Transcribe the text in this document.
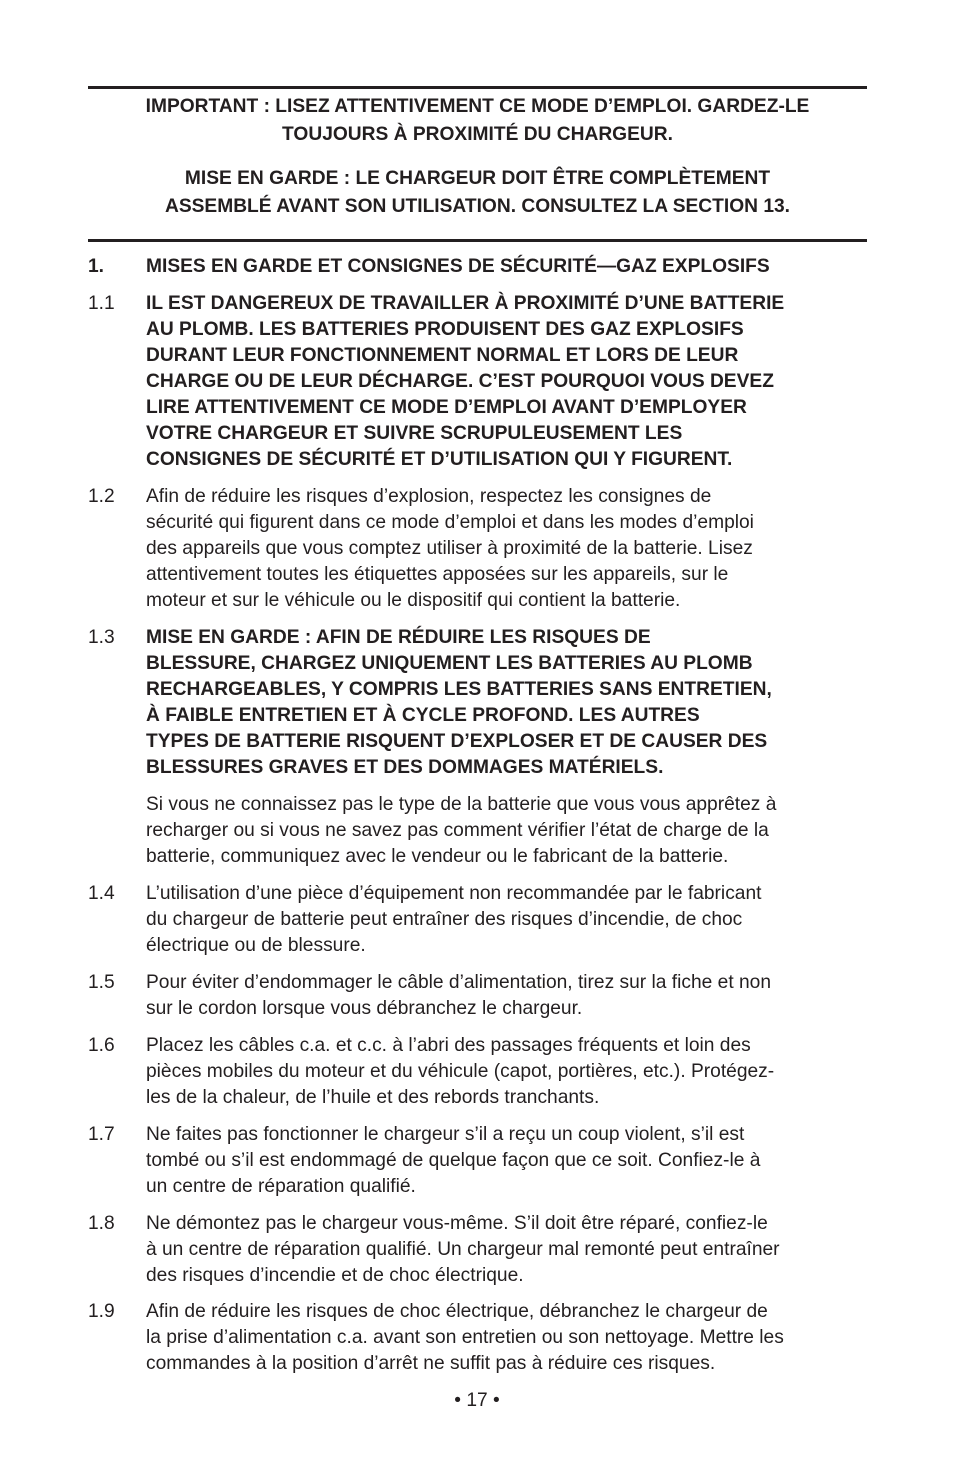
IMPORTANT : LISEZ ATTENTIVEMENT CE MODE D’EMPLOI. GARDEZ-LE
TOUJOURS À PROXIMITÉ DU CHARGEUR.
MISE EN GARDE : LE CHARGEUR DOIT ÊTRE COMPLÈTEMENT
ASSEMBLÉ AVANT SON UTILISATION. CONSULTEZ LA SECTION 13.
1.	MISES EN GARDE ET CONSIGNES DE SÉCURITÉ—GAZ EXPLOSIFS
1.1	IL EST DANGEREUX DE TRAVAILLER À PROXIMITÉ D’UNE BATTERIE
AU PLOMB. LES BATTERIES PRODUISENT DES GAZ EXPLOSIFS
DURANT LEUR FONCTIONNEMENT NORMAL ET LORS DE LEUR
CHARGE OU DE LEUR DÉCHARGE. C’EST POURQUOI VOUS DEVEZ
LIRE ATTENTIVEMENT CE MODE D’EMPLOI AVANT D’EMPLOYER
VOTRE CHARGEUR ET SUIVRE SCRUPULEUSEMENT LES
CONSIGNES DE SÉCURITÉ ET D’UTILISATION QUI Y FIGURENT.
1.2	Afin de réduire les risques d’explosion, respectez les consignes de
sécurité qui figurent dans ce mode d’emploi et dans les modes d’emploi
des appareils que vous comptez utiliser à proximité de la batterie. Lisez
attentivement toutes les étiquettes apposées sur les appareils, sur le
moteur et sur le véhicule ou le dispositif qui contient la batterie.
1.3	MISE EN GARDE : AFIN DE RÉDUIRE LES RISQUES DE
BLESSURE, CHARGEZ UNIQUEMENT LES BATTERIES AU PLOMB
RECHARGEABLES, Y COMPRIS LES BATTERIES SANS ENTRETIEN,
À FAIBLE ENTRETIEN ET À CYCLE PROFOND. LES AUTRES
TYPES DE BATTERIE RISQUENT D’EXPLOSER ET DE CAUSER DES
BLESSURES GRAVES ET DES DOMMAGES MATÉRIELS.
Si vous ne connaissez pas le type de la batterie que vous vous apprêtez à
recharger ou si vous ne savez pas comment vérifier l’état de charge de la
batterie, communiquez avec le vendeur ou le fabricant de la batterie.
1.4	L’utilisation d’une pièce d’équipement non recommandée par le fabricant
du chargeur de batterie peut entraîner des risques d’incendie, de choc
électrique ou de blessure.
1.5	Pour éviter d’endommager le câble d’alimentation, tirez sur la fiche et non
sur le cordon lorsque vous débranchez le chargeur.
1.6	Placez les câbles c.a. et c.c. à l’abri des passages fréquents et loin des
pièces mobiles du moteur et du véhicule (capot, portières, etc.). Protégez-
les de la chaleur, de l’huile et des rebords tranchants.
1.7	Ne faites pas fonctionner le chargeur s’il a reçu un coup violent, s’il est
tombé ou s’il est endommagé de quelque façon que ce soit. Confiez-le à
un centre de réparation qualifié.
1.8	Ne démontez pas le chargeur vous-même. S’il doit être réparé, confiez-le
à un centre de réparation qualifié. Un chargeur mal remonté peut entraîner
des risques d’incendie et de choc électrique.
1.9	Afin de réduire les risques de choc électrique, débranchez le chargeur de
la prise d’alimentation c.a. avant son entretien ou son nettoyage. Mettre les
commandes à la position d’arrêt ne suffit pas à réduire ces risques.
• 17 •
